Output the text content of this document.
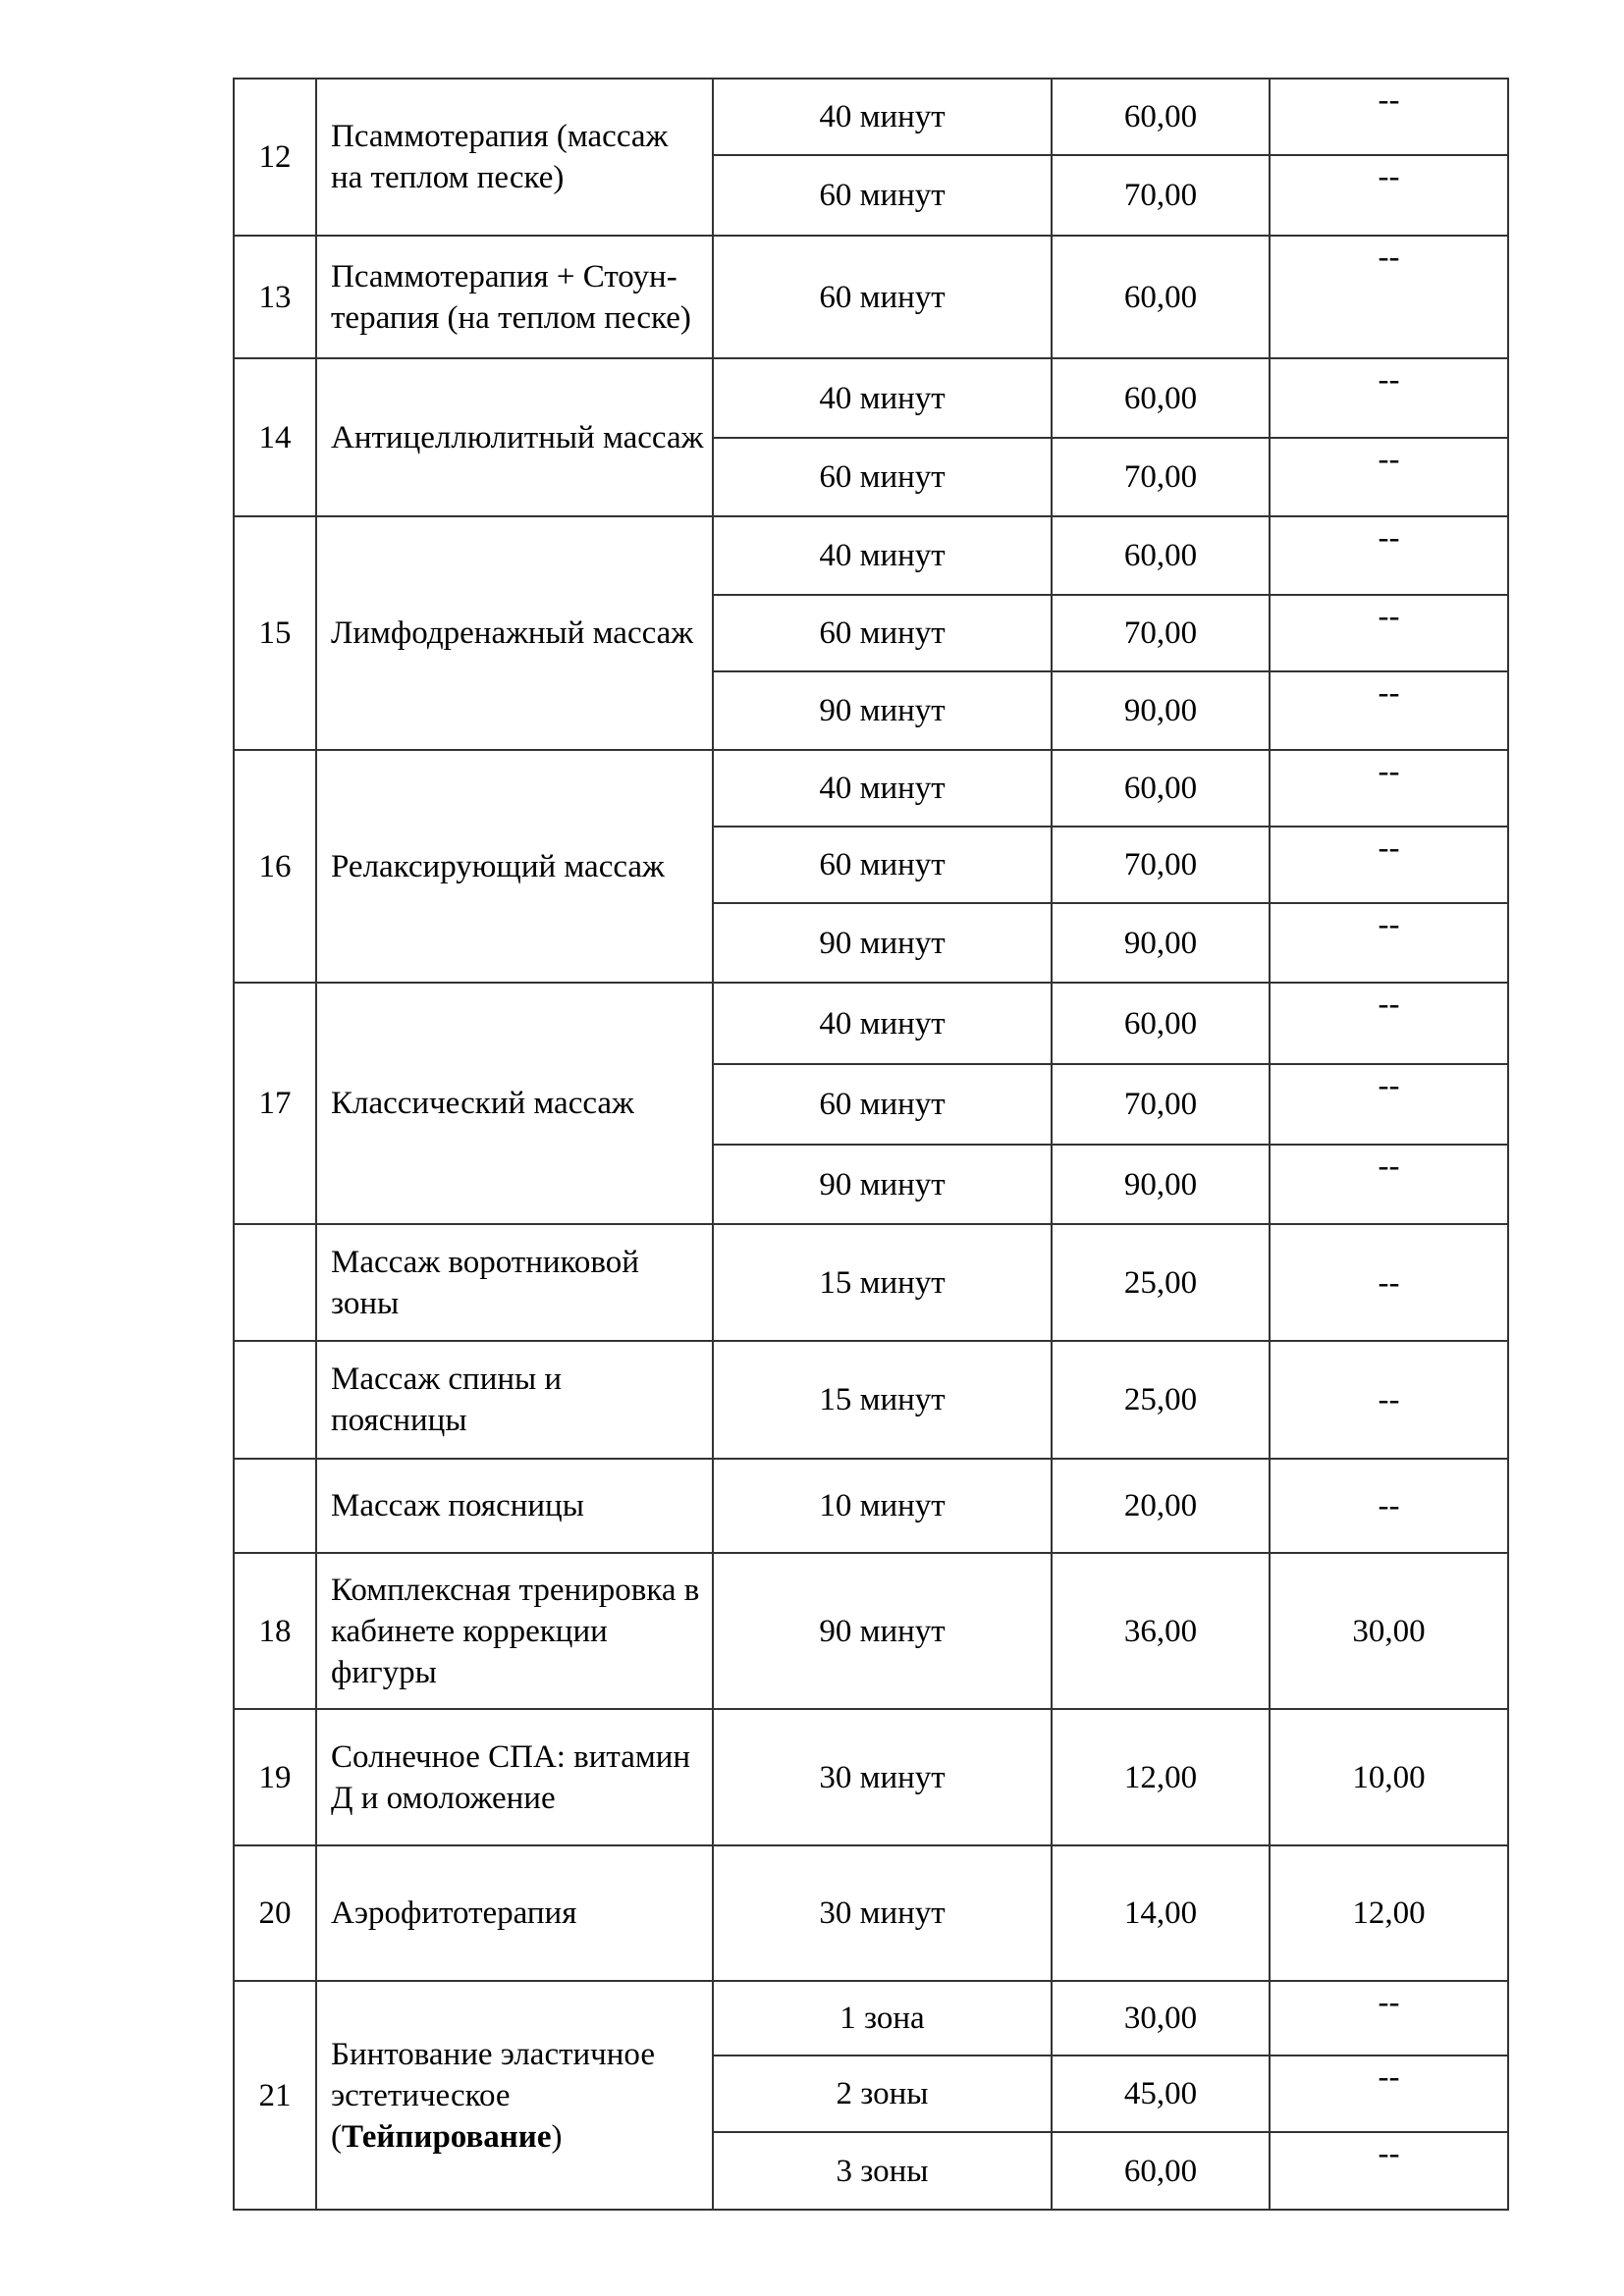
12	Псаммотерапия (массаж на теплом песке)	40 минут	60,00	--
		60 минут	70,00	--
13	Псаммотерапия + Стоун-терапия (на теплом песке)	60 минут	60,00	--
14	Антицеллюлитный массаж	40 минут	60,00	--
		60 минут	70,00	--
15	Лимфодренажный массаж	40 минут	60,00	--
		60 минут	70,00	--
		90 минут	90,00	--
16	Релаксирующий массаж	40 минут	60,00	--
		60 минут	70,00	--
		90 минут	90,00	--
17	Классический массаж	40 минут	60,00	--
		60 минут	70,00	--
		90 минут	90,00	--
	Массаж воротниковой зоны	15 минут	25,00	--
	Массаж спины и поясницы	15 минут	25,00	--
	Массаж поясницы	10 минут	20,00	--
18	Комплексная тренировка в кабинете коррекции фигуры	90 минут	36,00	30,00
19	Солнечное СПА: витамин Д и омоложение	30 минут	12,00	10,00
20	Аэрофитотерапия	30 минут	14,00	12,00
21	Бинтование эластичное эстетическое (Тейпирование)	1 зона	30,00	--
		2 зоны	45,00	--
		3 зоны	60,00	--
